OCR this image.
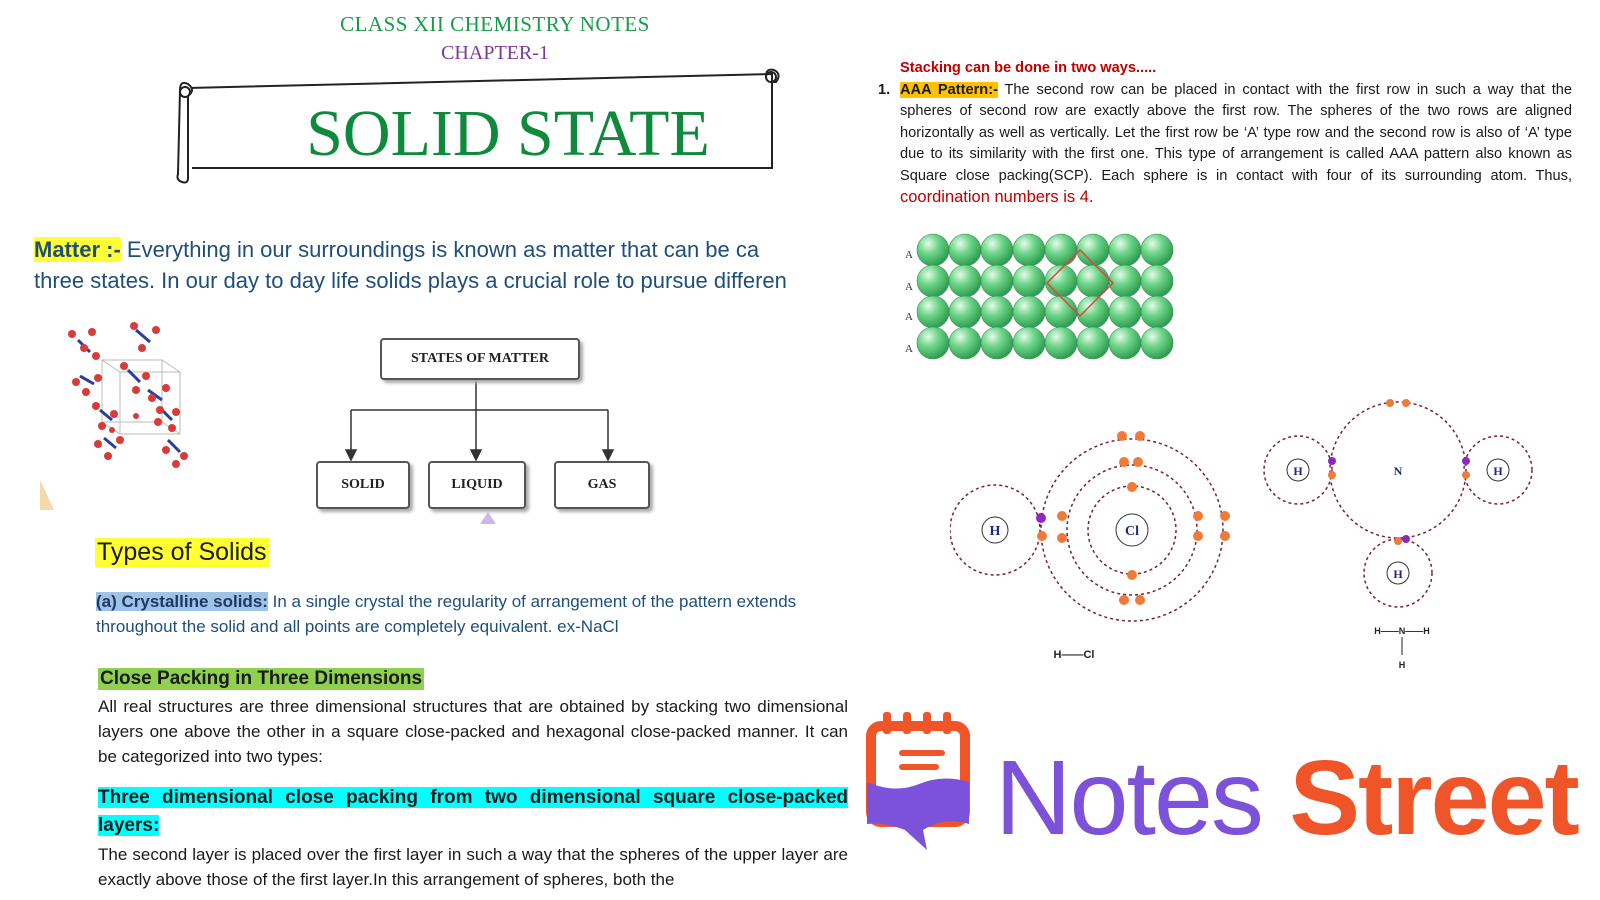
CLASS XII CHEMISTRY NOTES
CHAPTER-1
SOLID STATE
Matter :- Everything in our surroundings is known as matter that can be ca
three states. In our day to day life solids plays a crucial role to pursue differen
STATES OF MATTER
SOLID	LIQUID	GAS
Types of Solids
(a) Crystalline solids: In a single crystal the regularity of arrangement of the pattern extends throughout the solid and all points are completely equivalent. ex-NaCl
Close Packing in Three Dimensions
All real structures are three dimensional structures that are obtained by stacking two dimensional layers one above the other in a square close-packed and hexagonal close-packed manner. It can be categorized into two types:
Three dimensional close packing from two dimensional square close-packed layers:
The second layer is placed over the first layer in such a way that the spheres of the upper layer are exactly above those of the first layer.In this arrangement of spheres, both the
Stacking can be done in two ways.....
1. AAA Pattern:- The second row can be placed in contact with the first row in such a way that the spheres of second row are exactly above the first row. The spheres of the two rows are aligned horizontally as well as vertically. Let the first row be ‘A’ type row and the second row is also of ‘A’ type due to its similarity with the first one. This type of arrangement is called AAA pattern also known as Square close packing(SCP). Each sphere is in contact with four of its surrounding atom. Thus, coordination numbers is 4.
A
A
A
A
H	Cl
H——Cl
H	N	H
H
H——N——H
H
Notes Street
